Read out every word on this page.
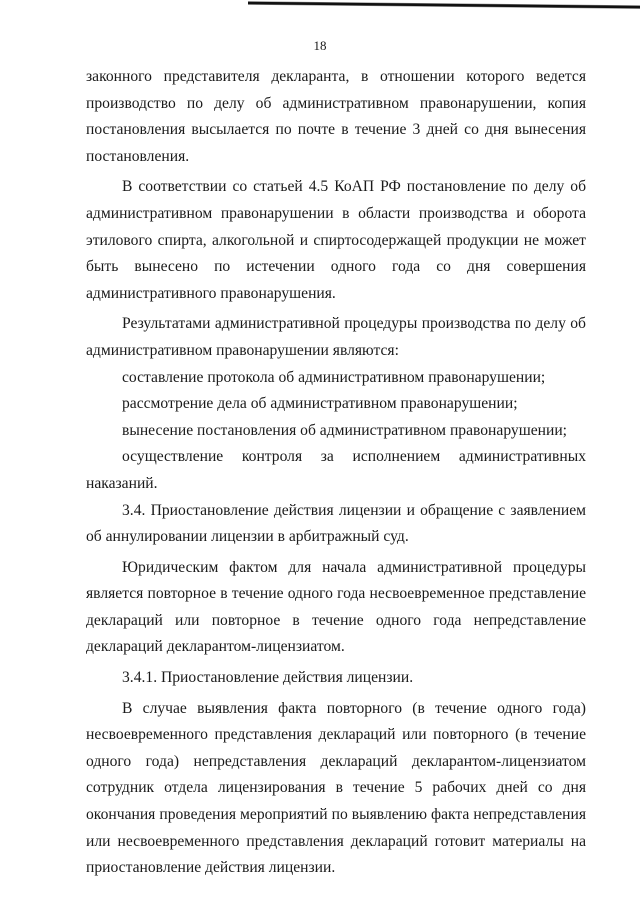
18

законного представителя декларанта, в отношении которого ведется производство по делу об административном правонарушении, копия постановления высылается по почте в течение 3 дней со дня вынесения постановления.

В соответствии со статьей 4.5 КоАП РФ постановление по делу об административном правонарушении в области производства и оборота этилового спирта, алкогольной и спиртосодержащей продукции не может быть вынесено по истечении одного года со дня совершения административного правонарушения.

Результатами административной процедуры производства по делу об административном правонарушении являются:

составление протокола об административном правонарушении;

рассмотрение дела об административном правонарушении;

вынесение постановления об административном правонарушении;

осуществление контроля за исполнением административных наказаний.

3.4. Приостановление действия лицензии и обращение с заявлением об аннулировании лицензии в арбитражный суд.

Юридическим фактом для начала административной процедуры является повторное в течение одного года несвоевременное представление деклараций или повторное в течение одного года непредставление деклараций декларантом-лицензиатом.

3.4.1. Приостановление действия лицензии.

В случае выявления факта повторного (в течение одного года) несвоевременного представления деклараций или повторного (в течение одного года) непредставления деклараций декларантом-лицензиатом сотрудник отдела лицензирования в течение 5 рабочих дней со дня окончания проведения мероприятий по выявлению факта непредставления или несвоевременного представления деклараций готовит материалы на приостановление действия лицензии.
